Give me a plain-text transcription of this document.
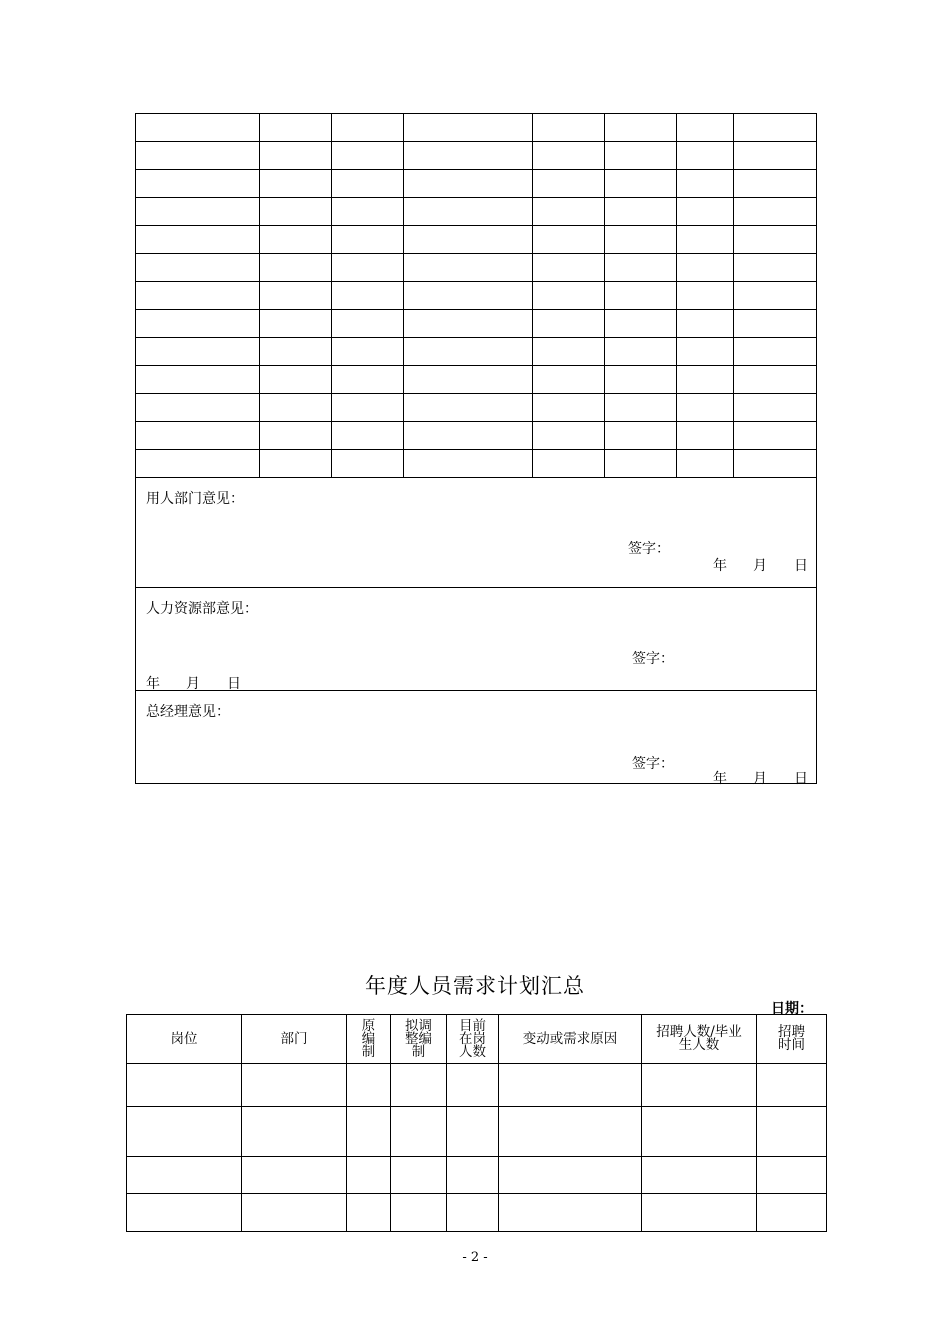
用人部门意见：
签字：
年 月 日							

人力资源部意见：
签字：
年 月 日							

总经理意见：
签字：
年 月 日							
年度人员需求计划汇总
日期：
岗位	部门	原编制	拟调整编制	目前在岗人数	变动或需求原因	招聘人数/毕业生人数	招聘时间

- 2 -
